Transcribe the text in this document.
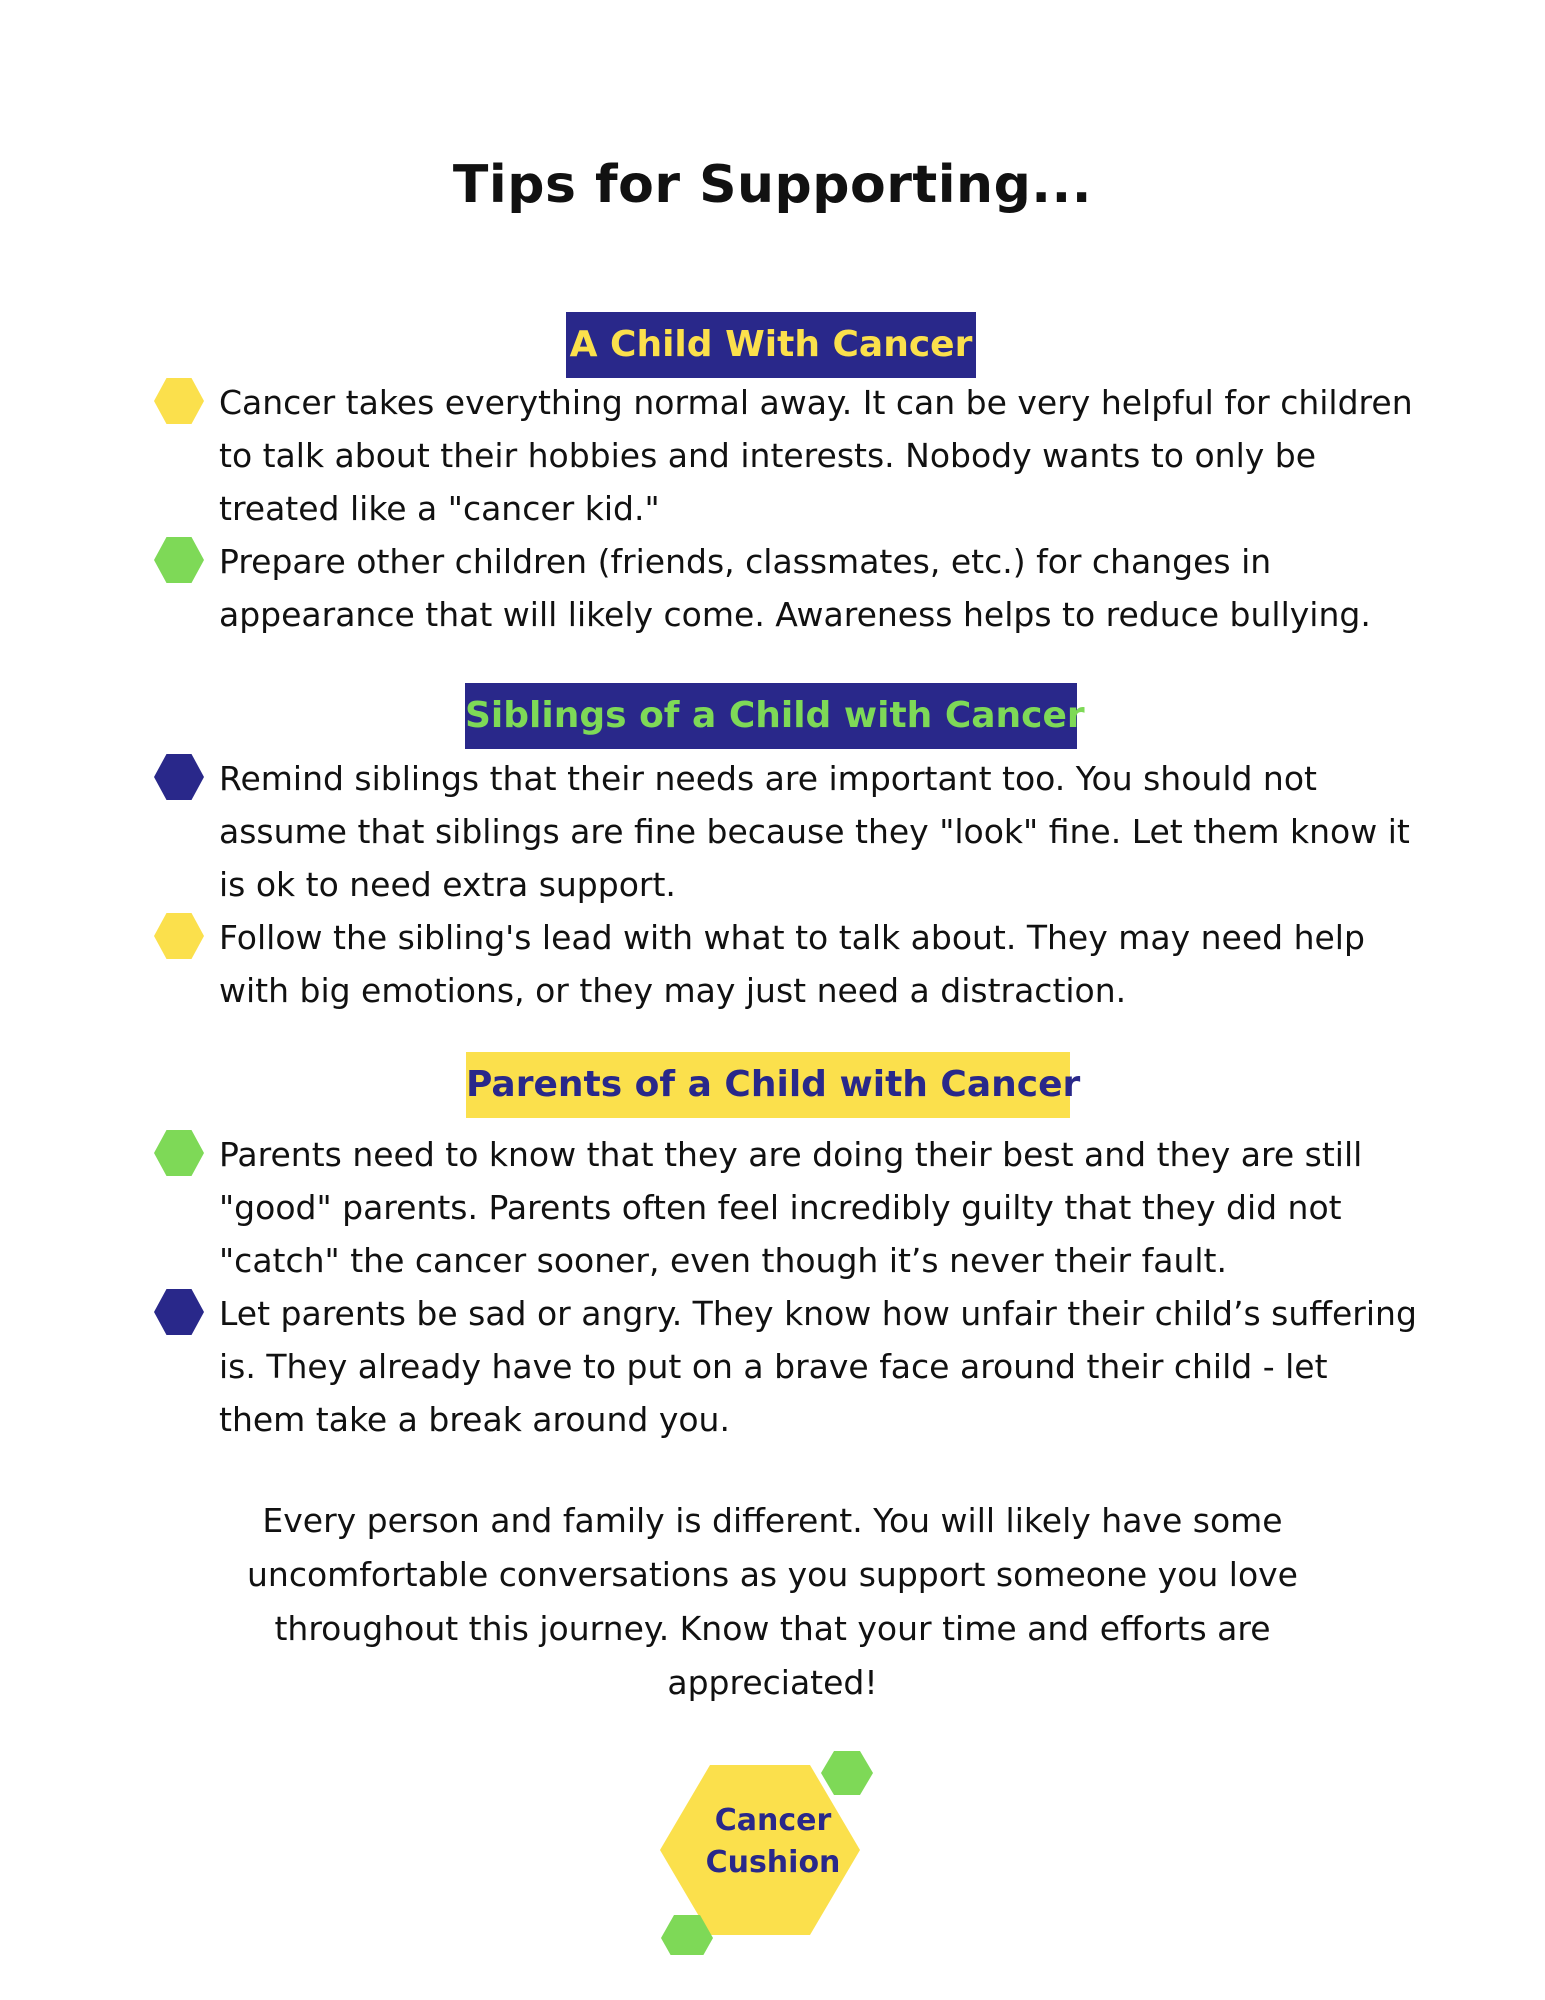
Tips for Supporting...
A Child With Cancer

Cancer takes everything normal away. It can be very helpful for children
to talk about their hobbies and interests. Nobody wants to only be
treated like a "cancer kid."

Prepare other children (friends, classmates, etc.) for changes in
appearance that will likely come. Awareness helps to reduce bullying.

Siblings of a Child with Cancer

Remind siblings that their needs are important too. You should not
assume that siblings are fine because they "look" fine. Let them know it
is ok to need extra support.

Follow the sibling's lead with what to talk about. They may need help
with big emotions, or they may just need a distraction.

Parents of a Child with Cancer

Parents need to know that they are doing their best and they are still
"good" parents. Parents often feel incredibly guilty that they did not
"catch" the cancer sooner, even though it’s never their fault.

Let parents be sad or angry. They know how unfair their child’s suffering
is. They already have to put on a brave face around their child - let
them take a break around you.

Every person and family is different. You will likely have some
uncomfortable conversations as you support someone you love
throughout this journey. Know that your time and efforts are
appreciated!
Cancer
Cushion
